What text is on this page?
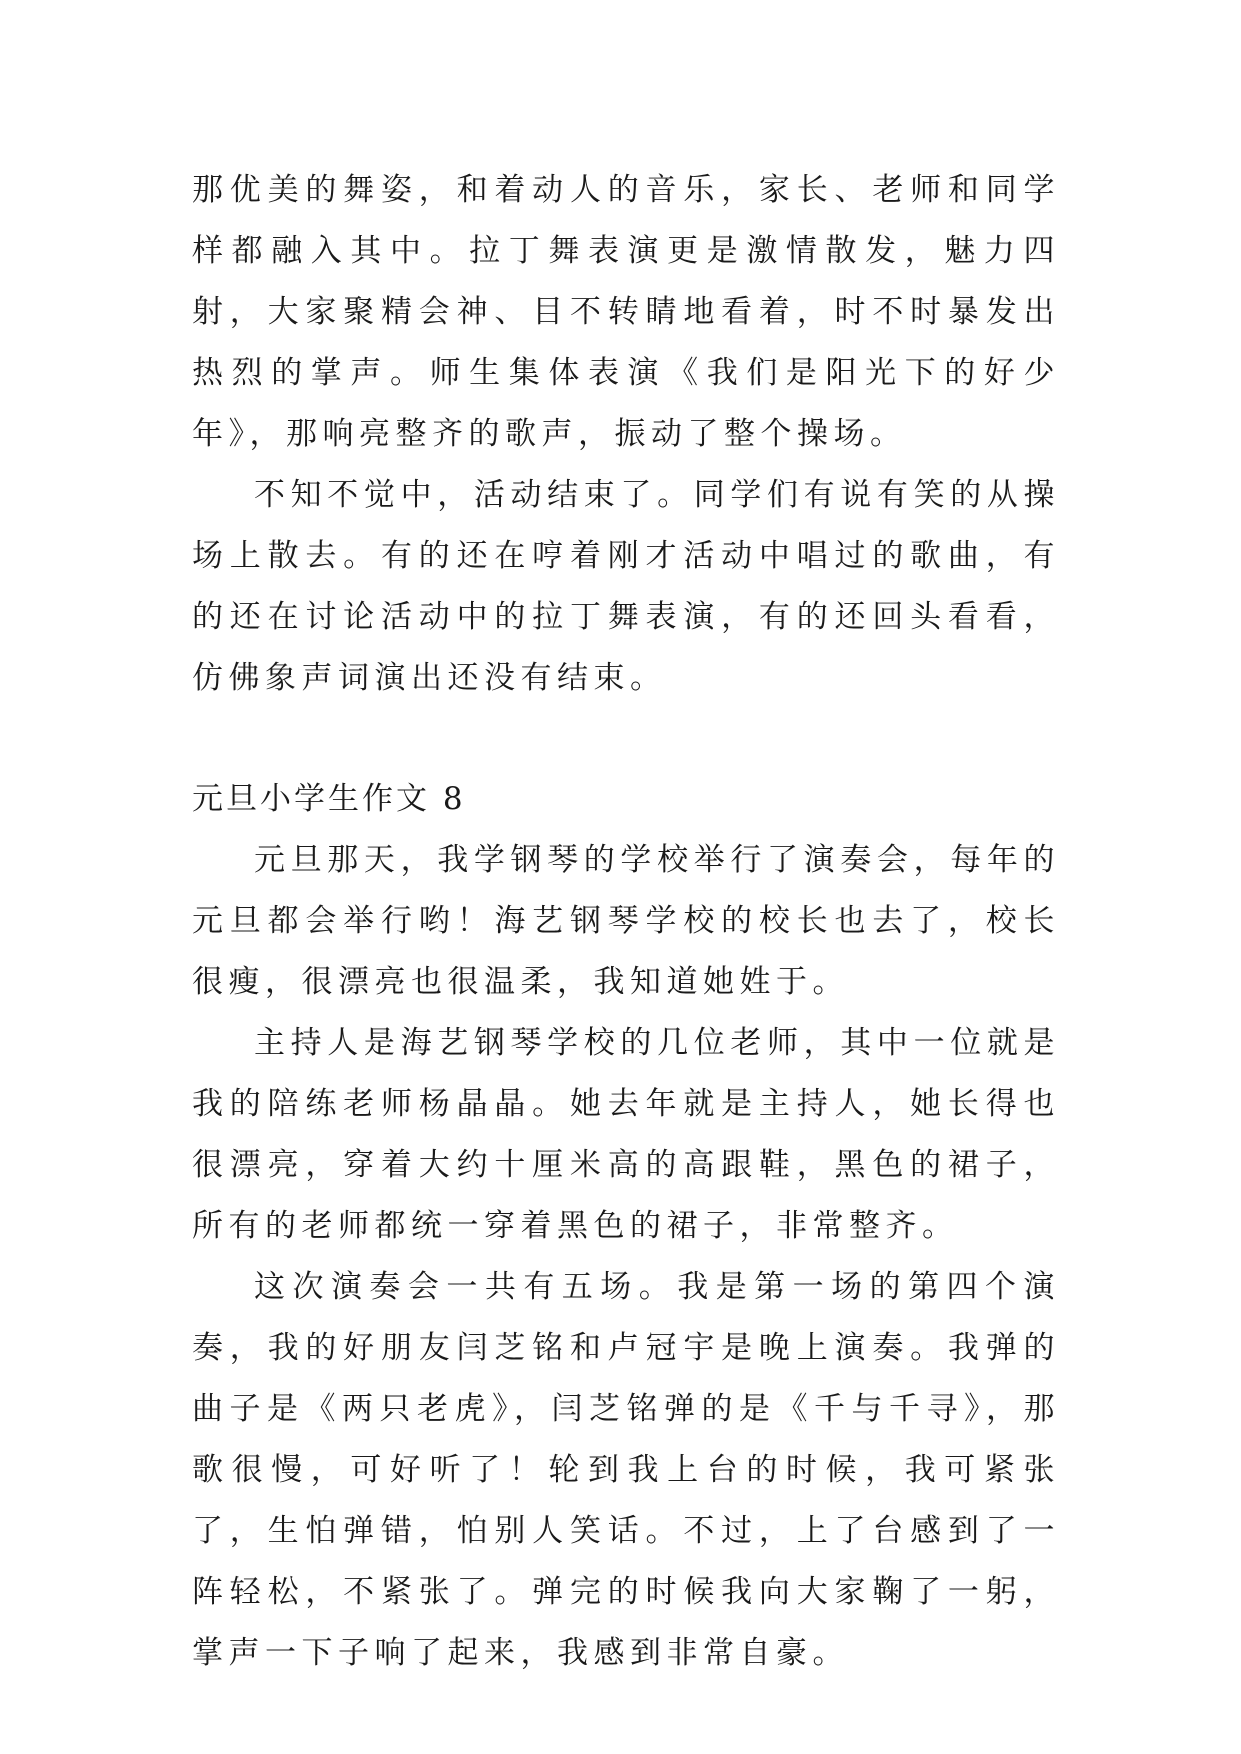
那优美的舞姿，和着动人的音乐，家长、老师和同学样都融入其中。拉丁舞表演更是激情散发，魅力四射，大家聚精会神、目不转睛地看着，时不时暴发出热烈的掌声。师生集体表演《我们是阳光下的好少年》，那响亮整齐的歌声，振动了整个操场。

不知不觉中，活动结束了。同学们有说有笑的从操场上散去。有的还在哼着刚才活动中唱过的歌曲，有的还在讨论活动中的拉丁舞表演，有的还回头看看，仿佛象声词演出还没有结束。

元旦小学生作文 8

元旦那天，我学钢琴的学校举行了演奏会，每年的元旦都会举行哟！海艺钢琴学校的校长也去了，校长很瘦，很漂亮也很温柔，我知道她姓于。

主持人是海艺钢琴学校的几位老师，其中一位就是我的陪练老师杨晶晶。她去年就是主持人，她长得也很漂亮，穿着大约十厘米高的高跟鞋，黑色的裙子，所有的老师都统一穿着黑色的裙子，非常整齐。

这次演奏会一共有五场。我是第一场的第四个演奏，我的好朋友闫芝铭和卢冠宇是晚上演奏。我弹的曲子是《两只老虎》，闫芝铭弹的是《千与千寻》，那歌很慢，可好听了！轮到我上台的时候，我可紧张了，生怕弹错，怕别人笑话。不过，上了台感到了一阵轻松，不紧张了。弹完的时候我向大家鞠了一躬，掌声一下子响了起来，我感到非常自豪。
